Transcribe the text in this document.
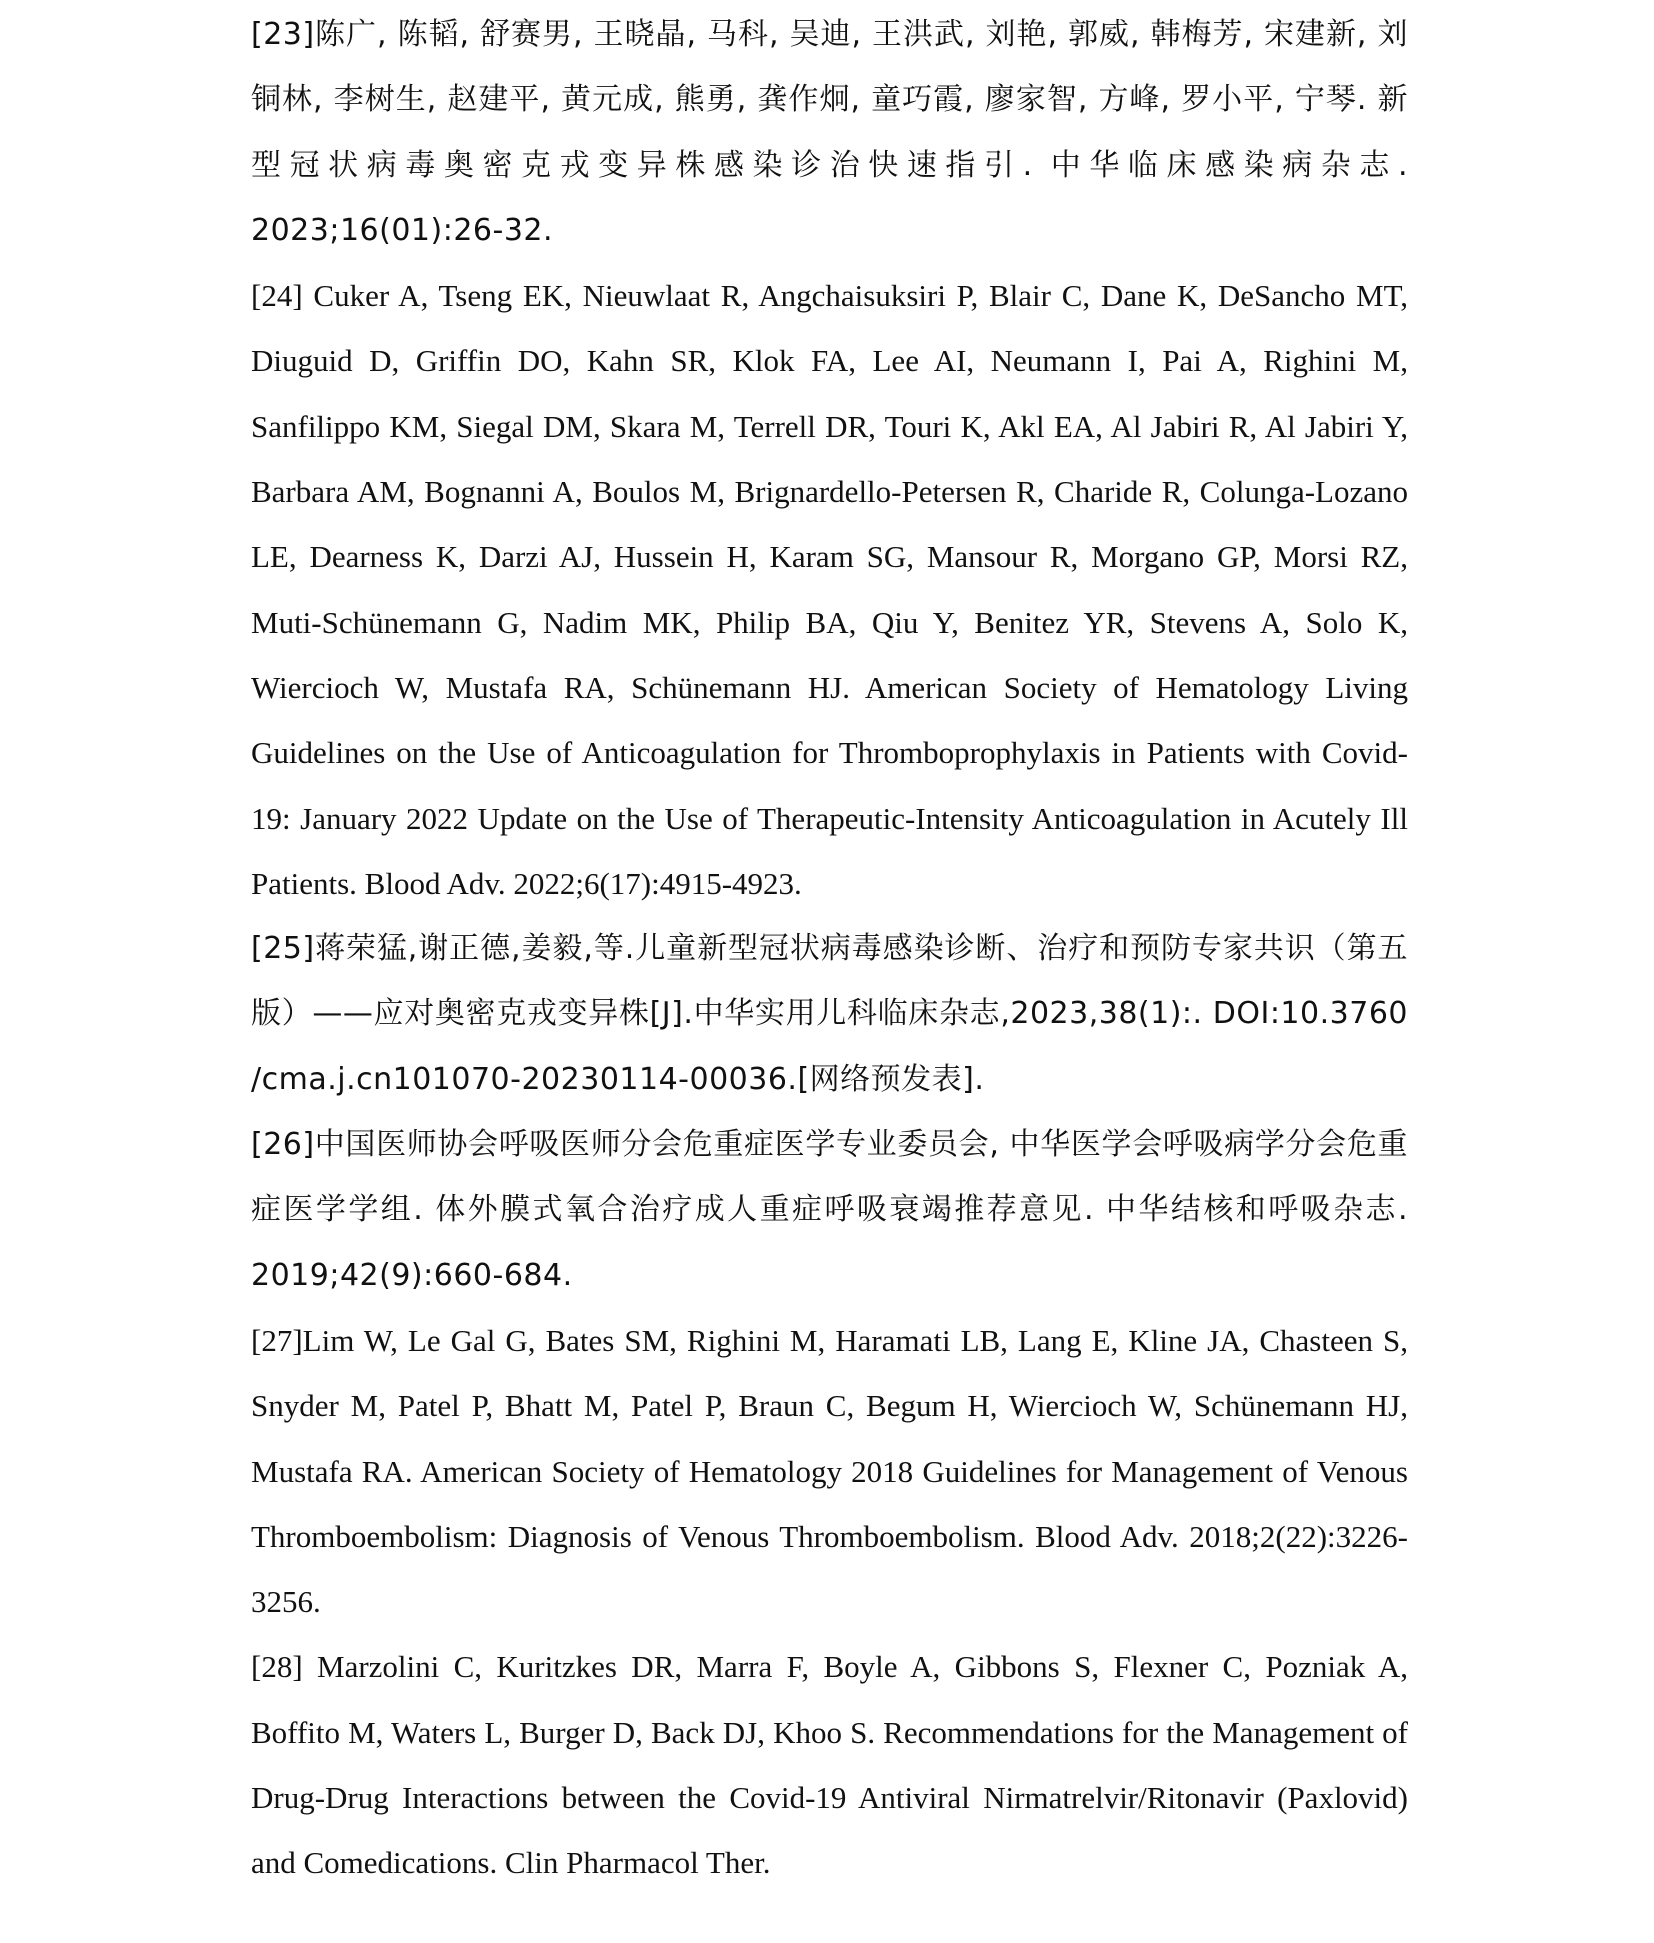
[23]陈广, 陈韬, 舒赛男, 王晓晶, 马科, 吴迪, 王洪武, 刘艳, 郭威, 韩梅芳, 宋建新, 刘铜林, 李树生, 赵建平, 黄元成, 熊勇, 龚作炯, 童巧霞, 廖家智, 方峰, 罗小平, 宁琴. 新型冠状病毒奥密克戎变异株感染诊治快速指引. 中华临床感染病杂志. 2023;16(01):26-32.

[24] Cuker A, Tseng EK, Nieuwlaat R, Angchaisuksiri P, Blair C, Dane K, DeSancho MT, Diuguid D, Griffin DO, Kahn SR, Klok FA, Lee AI, Neumann I, Pai A, Righini M, Sanfilippo KM, Siegal DM, Skara M, Terrell DR, Touri K, Akl EA, Al Jabiri R, Al Jabiri Y, Barbara AM, Bognanni A, Boulos M, Brignardello-Petersen R, Charide R, Colunga-Lozano LE, Dearness K, Darzi AJ, Hussein H, Karam SG, Mansour R, Morgano GP, Morsi RZ, Muti-Schünemann G, Nadim MK, Philip BA, Qiu Y, Benitez YR, Stevens A, Solo K, Wiercioch W, Mustafa RA, Schünemann HJ. American Society of Hematology Living Guidelines on the Use of Anticoagulation for Thromboprophylaxis in Patients with Covid-19: January 2022 Update on the Use of Therapeutic-Intensity Anticoagulation in Acutely Ill Patients. Blood Adv. 2022;6(17):4915-4923.

[25]蒋荣猛,谢正德,姜毅,等.儿童新型冠状病毒感染诊断、治疗和预防专家共识（第五版）——应对奥密克戎变异株[J].中华实用儿科临床杂志,2023,38(1):. DOI:10.3760 /cma.j.cn101070-20230114-00036.[网络预发表].

[26]中国医师协会呼吸医师分会危重症医学专业委员会, 中华医学会呼吸病学分会危重症医学学组. 体外膜式氧合治疗成人重症呼吸衰竭推荐意见. 中华结核和呼吸杂志. 2019;42(9):660-684.

[27]Lim W, Le Gal G, Bates SM, Righini M, Haramati LB, Lang E, Kline JA, Chasteen S, Snyder M, Patel P, Bhatt M, Patel P, Braun C, Begum H, Wiercioch W, Schünemann HJ, Mustafa RA. American Society of Hematology 2018 Guidelines for Management of Venous Thromboembolism: Diagnosis of Venous Thromboembolism. Blood Adv. 2018;2(22):3226-3256.

[28] Marzolini C, Kuritzkes DR, Marra F, Boyle A, Gibbons S, Flexner C, Pozniak A, Boffito M, Waters L, Burger D, Back DJ, Khoo S. Recommendations for the Management of Drug-Drug Interactions between the Covid-19 Antiviral Nirmatrelvir/Ritonavir (Paxlovid) and Comedications. Clin Pharmacol Ther.
